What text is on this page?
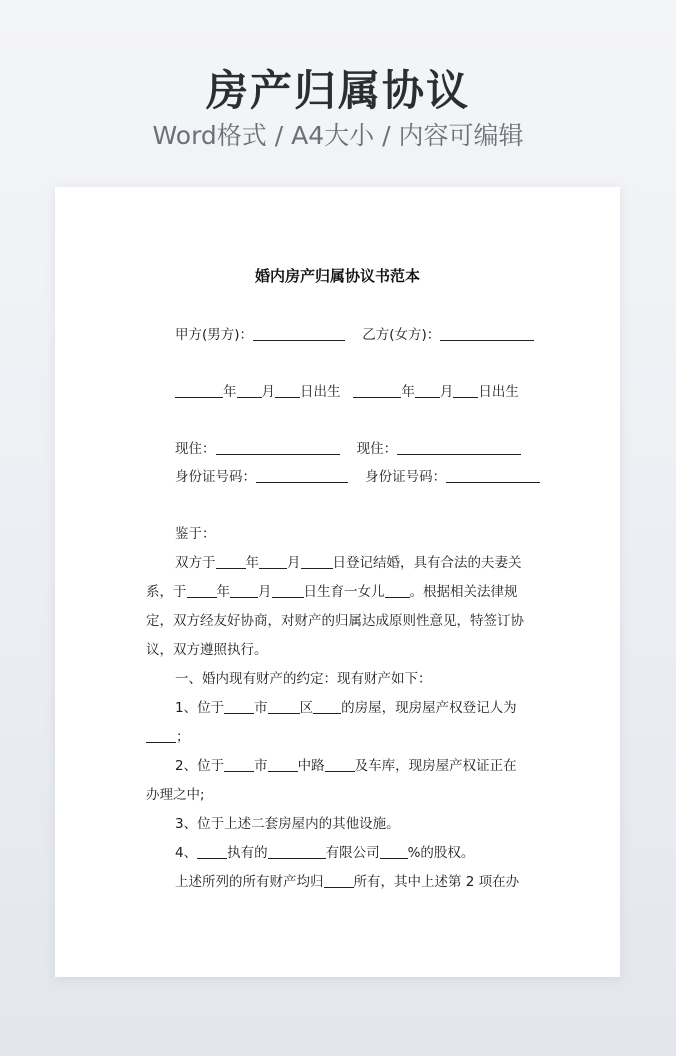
房产归属协议
Word格式 / A4大小 / 内容可编辑
婚内房产归属协议书范本
甲方(男方)：	乙方(女方)：
年 月 日出生	年 月 日出生
现住：	现住：
身份证号码：	身份证号码：
鉴于：
双方于 年 月 日登记结婚，具有合法的夫妻关
系，于 年 月 日生育一女儿 。根据相关法律规
定，双方经友好协商，对财产的归属达成原则性意见，特签订协
议，双方遵照执行。
一、婚内现有财产的约定：现有财产如下：
1、位于 市 区 的房屋，现房屋产权登记人为
；
2、位于 市 中路 及车库，现房屋产权证正在
办理之中;
3、位于上述二套房屋内的其他设施。
4、 执有的	有限公司 %的股权。
上述所列的所有财产均归 所有，其中上述第 2 项在办
